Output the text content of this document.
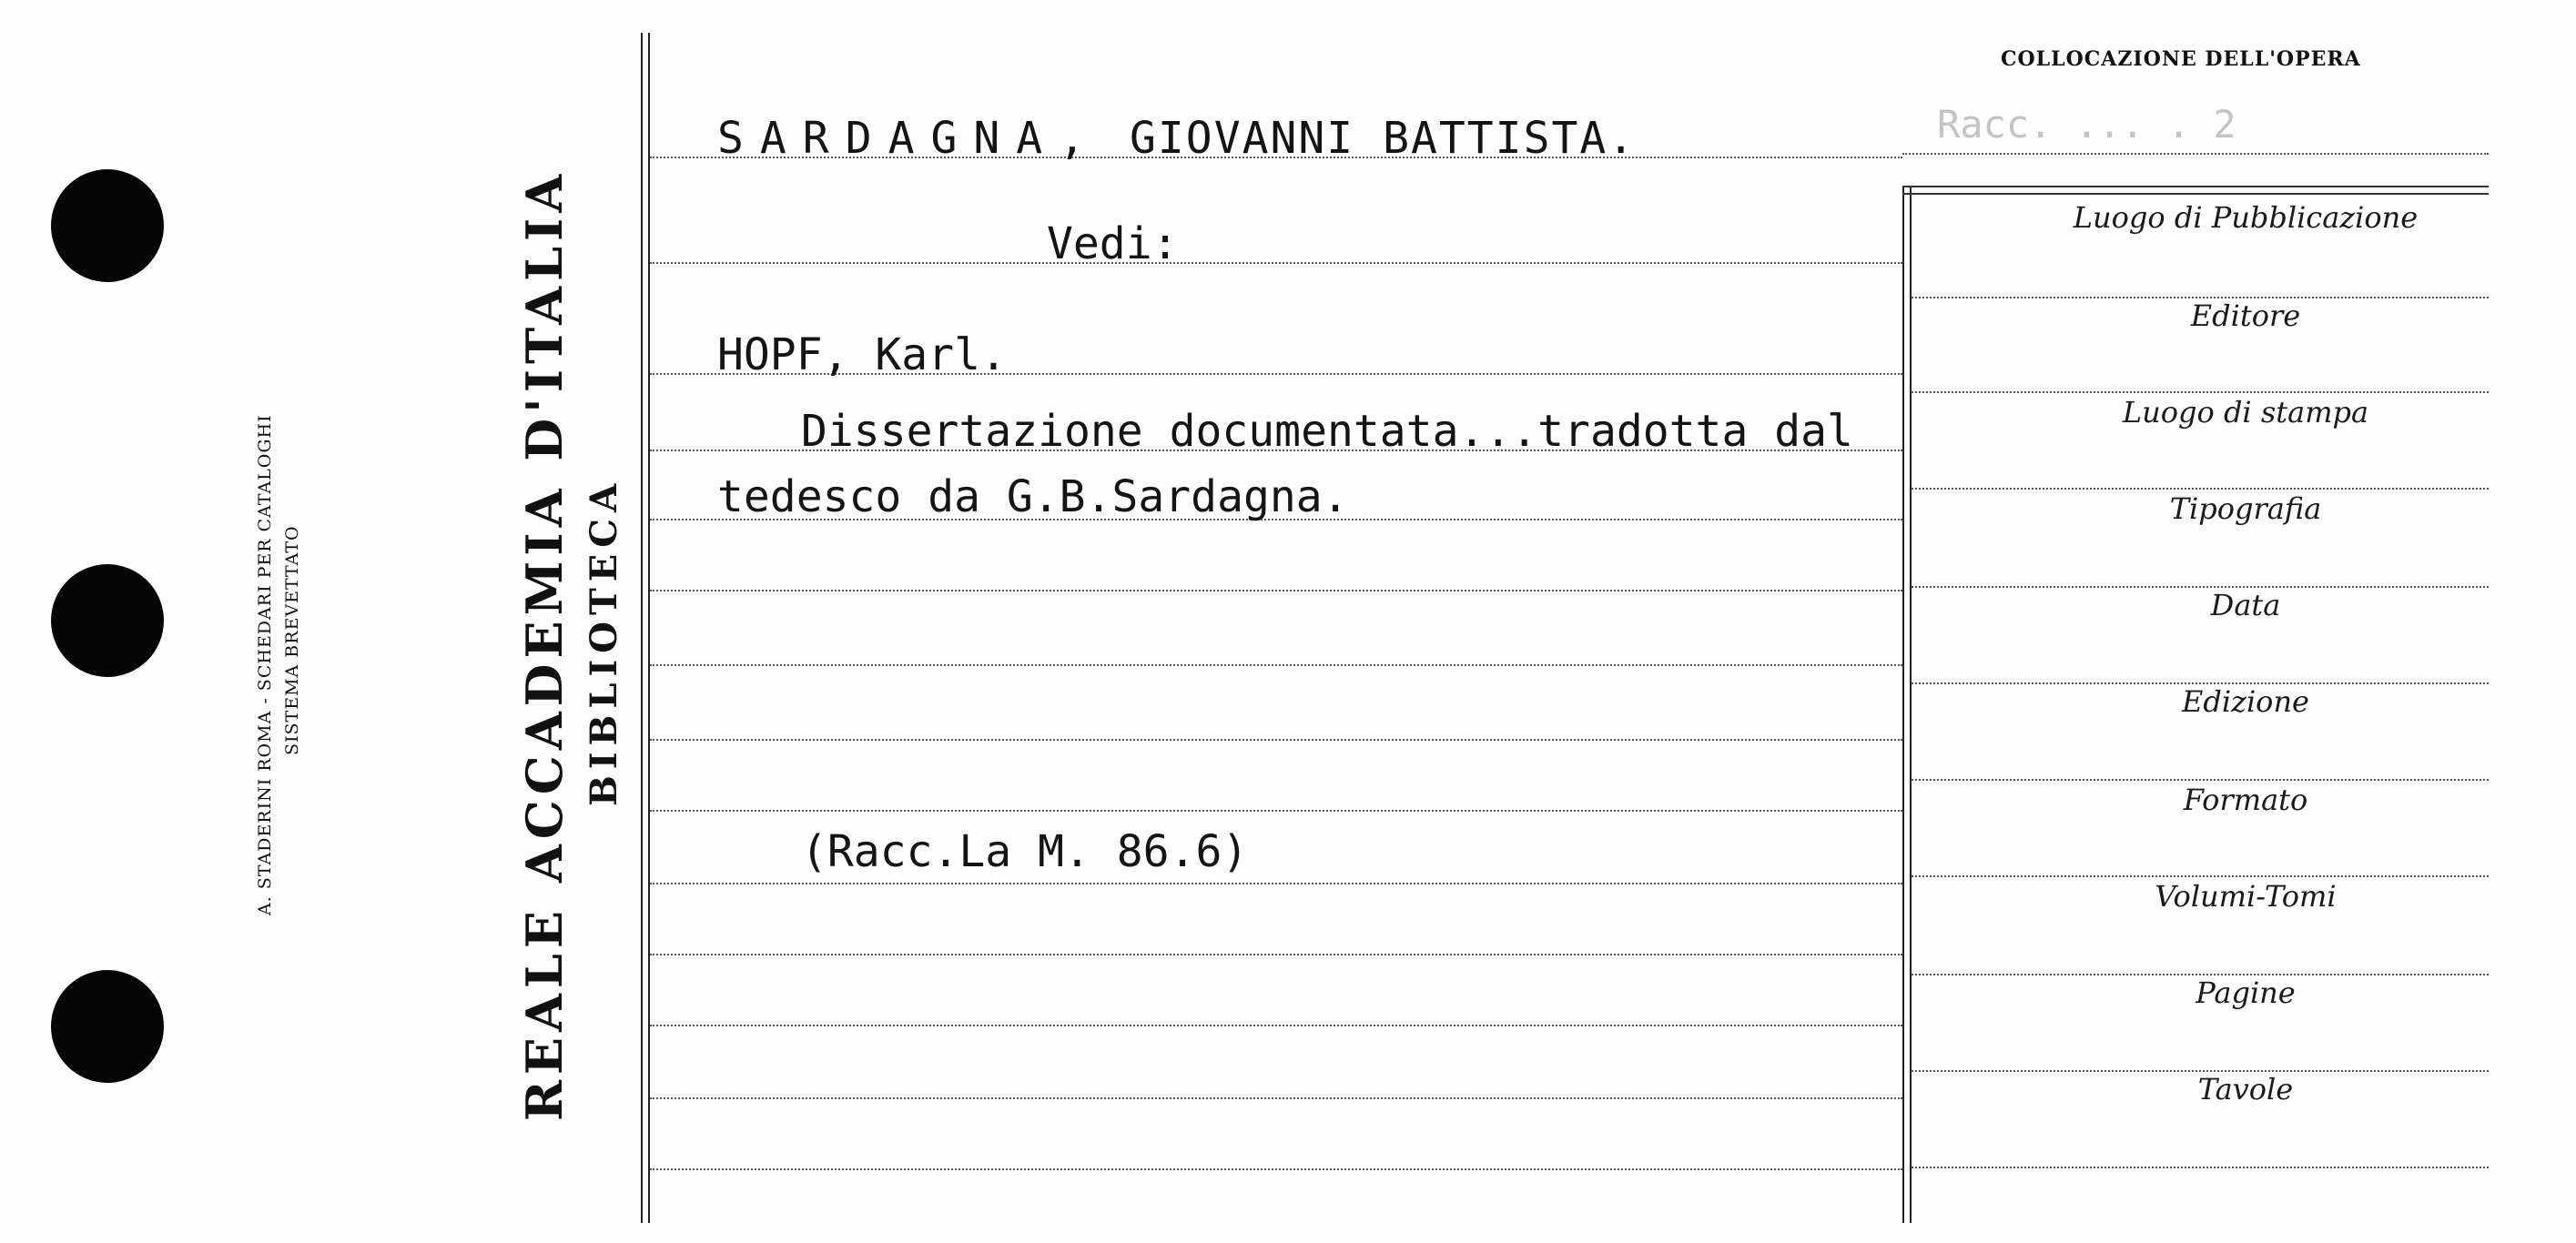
A. STADERINI ROMA - SCHEDARI PER CATALOGHI SISTEMA BREVETTATO	REALE ACCADEMIA D'ITALIA BIBLIOTECA
COLLOCAZIONE DELL'OPERA
Racc. ... . 2
Luogo di Pubblicazione
Editore
Luogo di stampa
Tipografia
Data
Edizione
Formato
Volumi-Tomi
Pagine
Tavole
SARDAGNA, GIOVANNI BATTISTA.
Vedi:
HOPF, Karl.
Dissertazione documentata...tradotta dal
tedesco da G.B.Sardagna.
(Racc.La M. 86.6)
